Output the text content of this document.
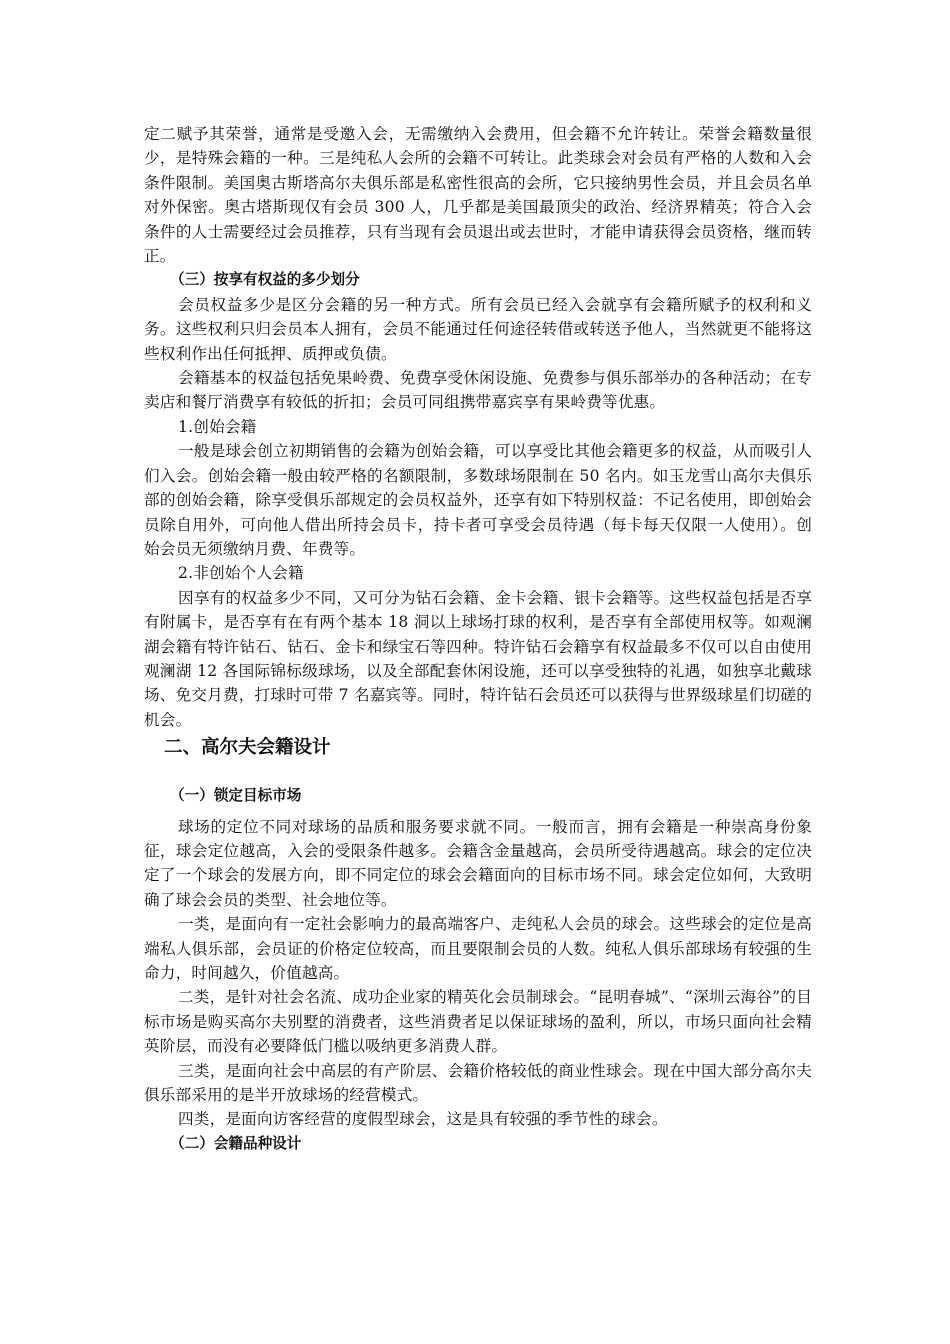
定二赋予其荣誉，通常是受邀入会，无需缴纳入会费用，但会籍不允许转让。荣誉会籍数量很少，是特殊会籍的一种。三是纯私人会所的会籍不可转让。此类球会对会员有严格的人数和入会条件限制。美国奥古斯塔高尔夫俱乐部是私密性很高的会所，它只接纳男性会员，并且会员名单对外保密。奥古塔斯现仅有会员 300 人，几乎都是美国最顶尖的政治、经济界精英；符合入会条件的人士需要经过会员推荐，只有当现有会员退出或去世时，才能申请获得会员资格，继而转正。

（三）按享有权益的多少划分

会员权益多少是区分会籍的另一种方式。所有会员已经入会就享有会籍所赋予的权利和义务。这些权利只归会员本人拥有，会员不能通过任何途径转借或转送予他人，当然就更不能将这些权利作出任何抵押、质押或负债。

会籍基本的权益包括免果岭费、免费享受休闲设施、免费参与俱乐部举办的各种活动；在专卖店和餐厅消费享有较低的折扣；会员可同组携带嘉宾享有果岭费等优惠。

1.创始会籍

一般是球会创立初期销售的会籍为创始会籍，可以享受比其他会籍更多的权益，从而吸引人们入会。创始会籍一般由较严格的名额限制，多数球场限制在 50 名内。如玉龙雪山高尔夫俱乐部的创始会籍，除享受俱乐部规定的会员权益外，还享有如下特别权益：不记名使用，即创始会员除自用外，可向他人借出所持会员卡，持卡者可享受会员待遇（每卡每天仅限一人使用）。创始会员无须缴纳月费、年费等。

2.非创始个人会籍

因享有的权益多少不同，又可分为钻石会籍、金卡会籍、银卡会籍等。这些权益包括是否享有附属卡，是否享有在有两个基本 18 洞以上球场打球的权利，是否享有全部使用权等。如观澜湖会籍有特许钻石、钻石、金卡和绿宝石等四种。特许钻石会籍享有权益最多不仅可以自由使用观澜湖 12 各国际锦标级球场，以及全部配套休闲设施，还可以享受独特的礼遇，如独享北戴球场、免交月费，打球时可带 7 名嘉宾等。同时，特许钻石会员还可以获得与世界级球星们切磋的机会。

二、高尔夫会籍设计
（一）锁定目标市场

球场的定位不同对球场的品质和服务要求就不同。一般而言，拥有会籍是一种崇高身份象征，球会定位越高，入会的受限条件越多。会籍含金量越高，会员所受待遇越高。球会的定位决定了一个球会的发展方向，即不同定位的球会会籍面向的目标市场不同。球会定位如何，大致明确了球会会员的类型、社会地位等。

一类，是面向有一定社会影响力的最高端客户、走纯私人会员的球会。这些球会的定位是高端私人俱乐部，会员证的价格定位较高，而且要限制会员的人数。纯私人俱乐部球场有较强的生命力，时间越久，价值越高。

二类，是针对社会名流、成功企业家的精英化会员制球会。“昆明春城”、“深圳云海谷”的目标市场是购买高尔夫别墅的消费者，这些消费者足以保证球场的盈利，所以，市场只面向社会精英阶层，而没有必要降低门槛以吸纳更多消费人群。

三类，是面向社会中高层的有产阶层、会籍价格较低的商业性球会。现在中国大部分高尔夫俱乐部采用的是半开放球场的经营模式。

四类，是面向访客经营的度假型球会，这是具有较强的季节性的球会。

（二）会籍品种设计
